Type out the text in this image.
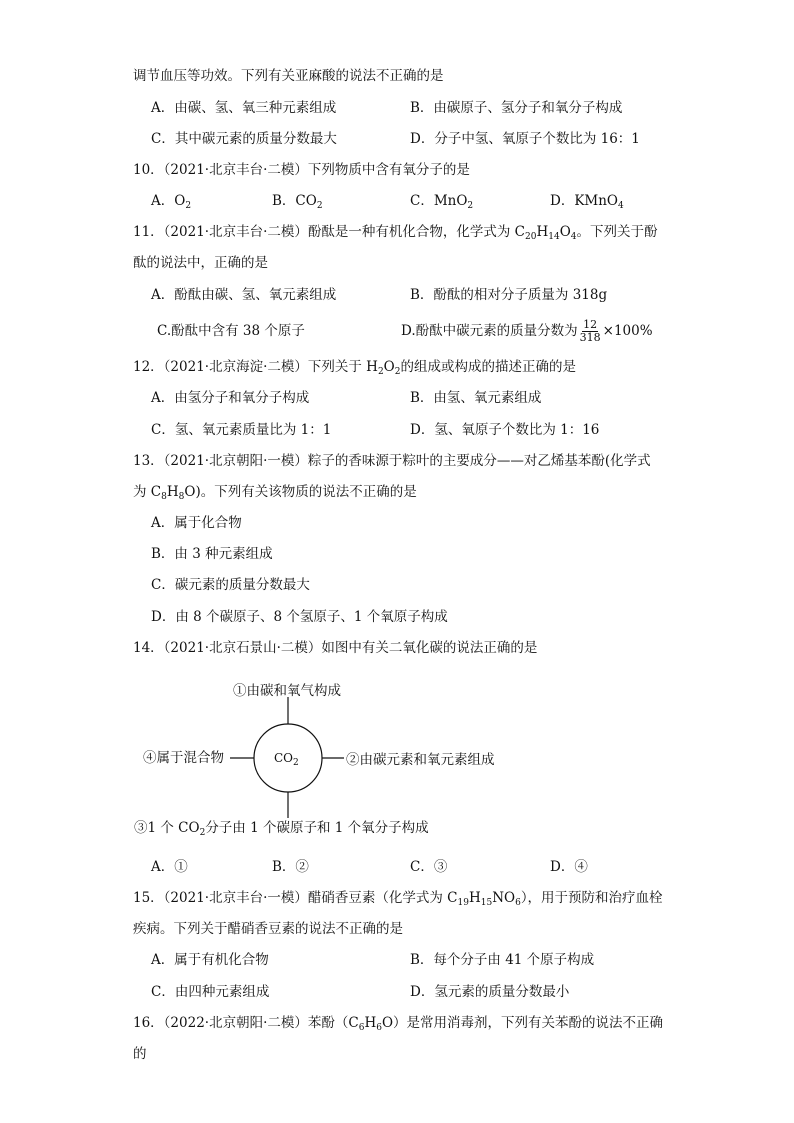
调节血压等功效。下列有关亚麻酸的说法不正确的是
A．由碳、氢、氧三种元素组成	B．由碳原子、氢分子和氧分子构成
C．其中碳元素的质量分数最大	D．分子中氢、氧原子个数比为 16：1
10．（2021·北京丰台·二模）下列物质中含有氧分子的是
A．$O_2$	B．$CO_2$	C．MnO$_2$	D．KMnO$_4$
11．（2021·北京丰台·二模）酚酞是一种有机化合物，化学式为 $C_{20}H_{14}O_4$。下列关于酚
酞的说法中，正确的是
A．酚酞由碳、氢、氧元素组成	B．酚酞的相对分子质量为 318g
C.酚酞中含有 38 个原子	D.酚酞中碳元素的质量分数为 $\frac{12}{318} \times 100\%$
12．（2021·北京海淀·二模）下列关于 $H_2O_2$的组成或构成的描述正确的是
A．由氢分子和氧分子构成	B．由氢、氧元素组成
C．氢、氧元素质量比为 1：1	D．氢、氧原子个数比为 1：16
13．（2021·北京朝阳·一模）粽子的香味源于粽叶的主要成分——对乙烯基苯酚(化学式
为 $C_8H_8O$)。下列有关该物质的说法不正确的是
A．属于化合物
B．由 3 种元素组成
C．碳元素的质量分数最大
D．由 8 个碳原子、8 个氢原子、1 个氧原子构成
14．（2021·北京石景山·二模）如图中有关二氧化碳的说法正确的是
$CO_2$
①由碳和氧气构成
②由碳元素和氧元素组成
④属于混合物
③1 个 $CO_2$分子由 1 个碳原子和 1 个氧分子构成
A．①	B．②	C．③	D．④
15．（2021·北京丰台·一模）醋硝香豆素（化学式为 $C_{19}H_{15}NO_6$），用于预防和治疗血栓
疾病。下列关于醋硝香豆素的说法不正确的是
A．属于有机化合物	B．每个分子由 41 个原子构成
C．由四种元素组成	D．氢元素的质量分数最小
16．（2022·北京朝阳·二模）苯酚$(C_6H_6O)$是常用消毒剂，下列有关苯酚的说法不正确
的
